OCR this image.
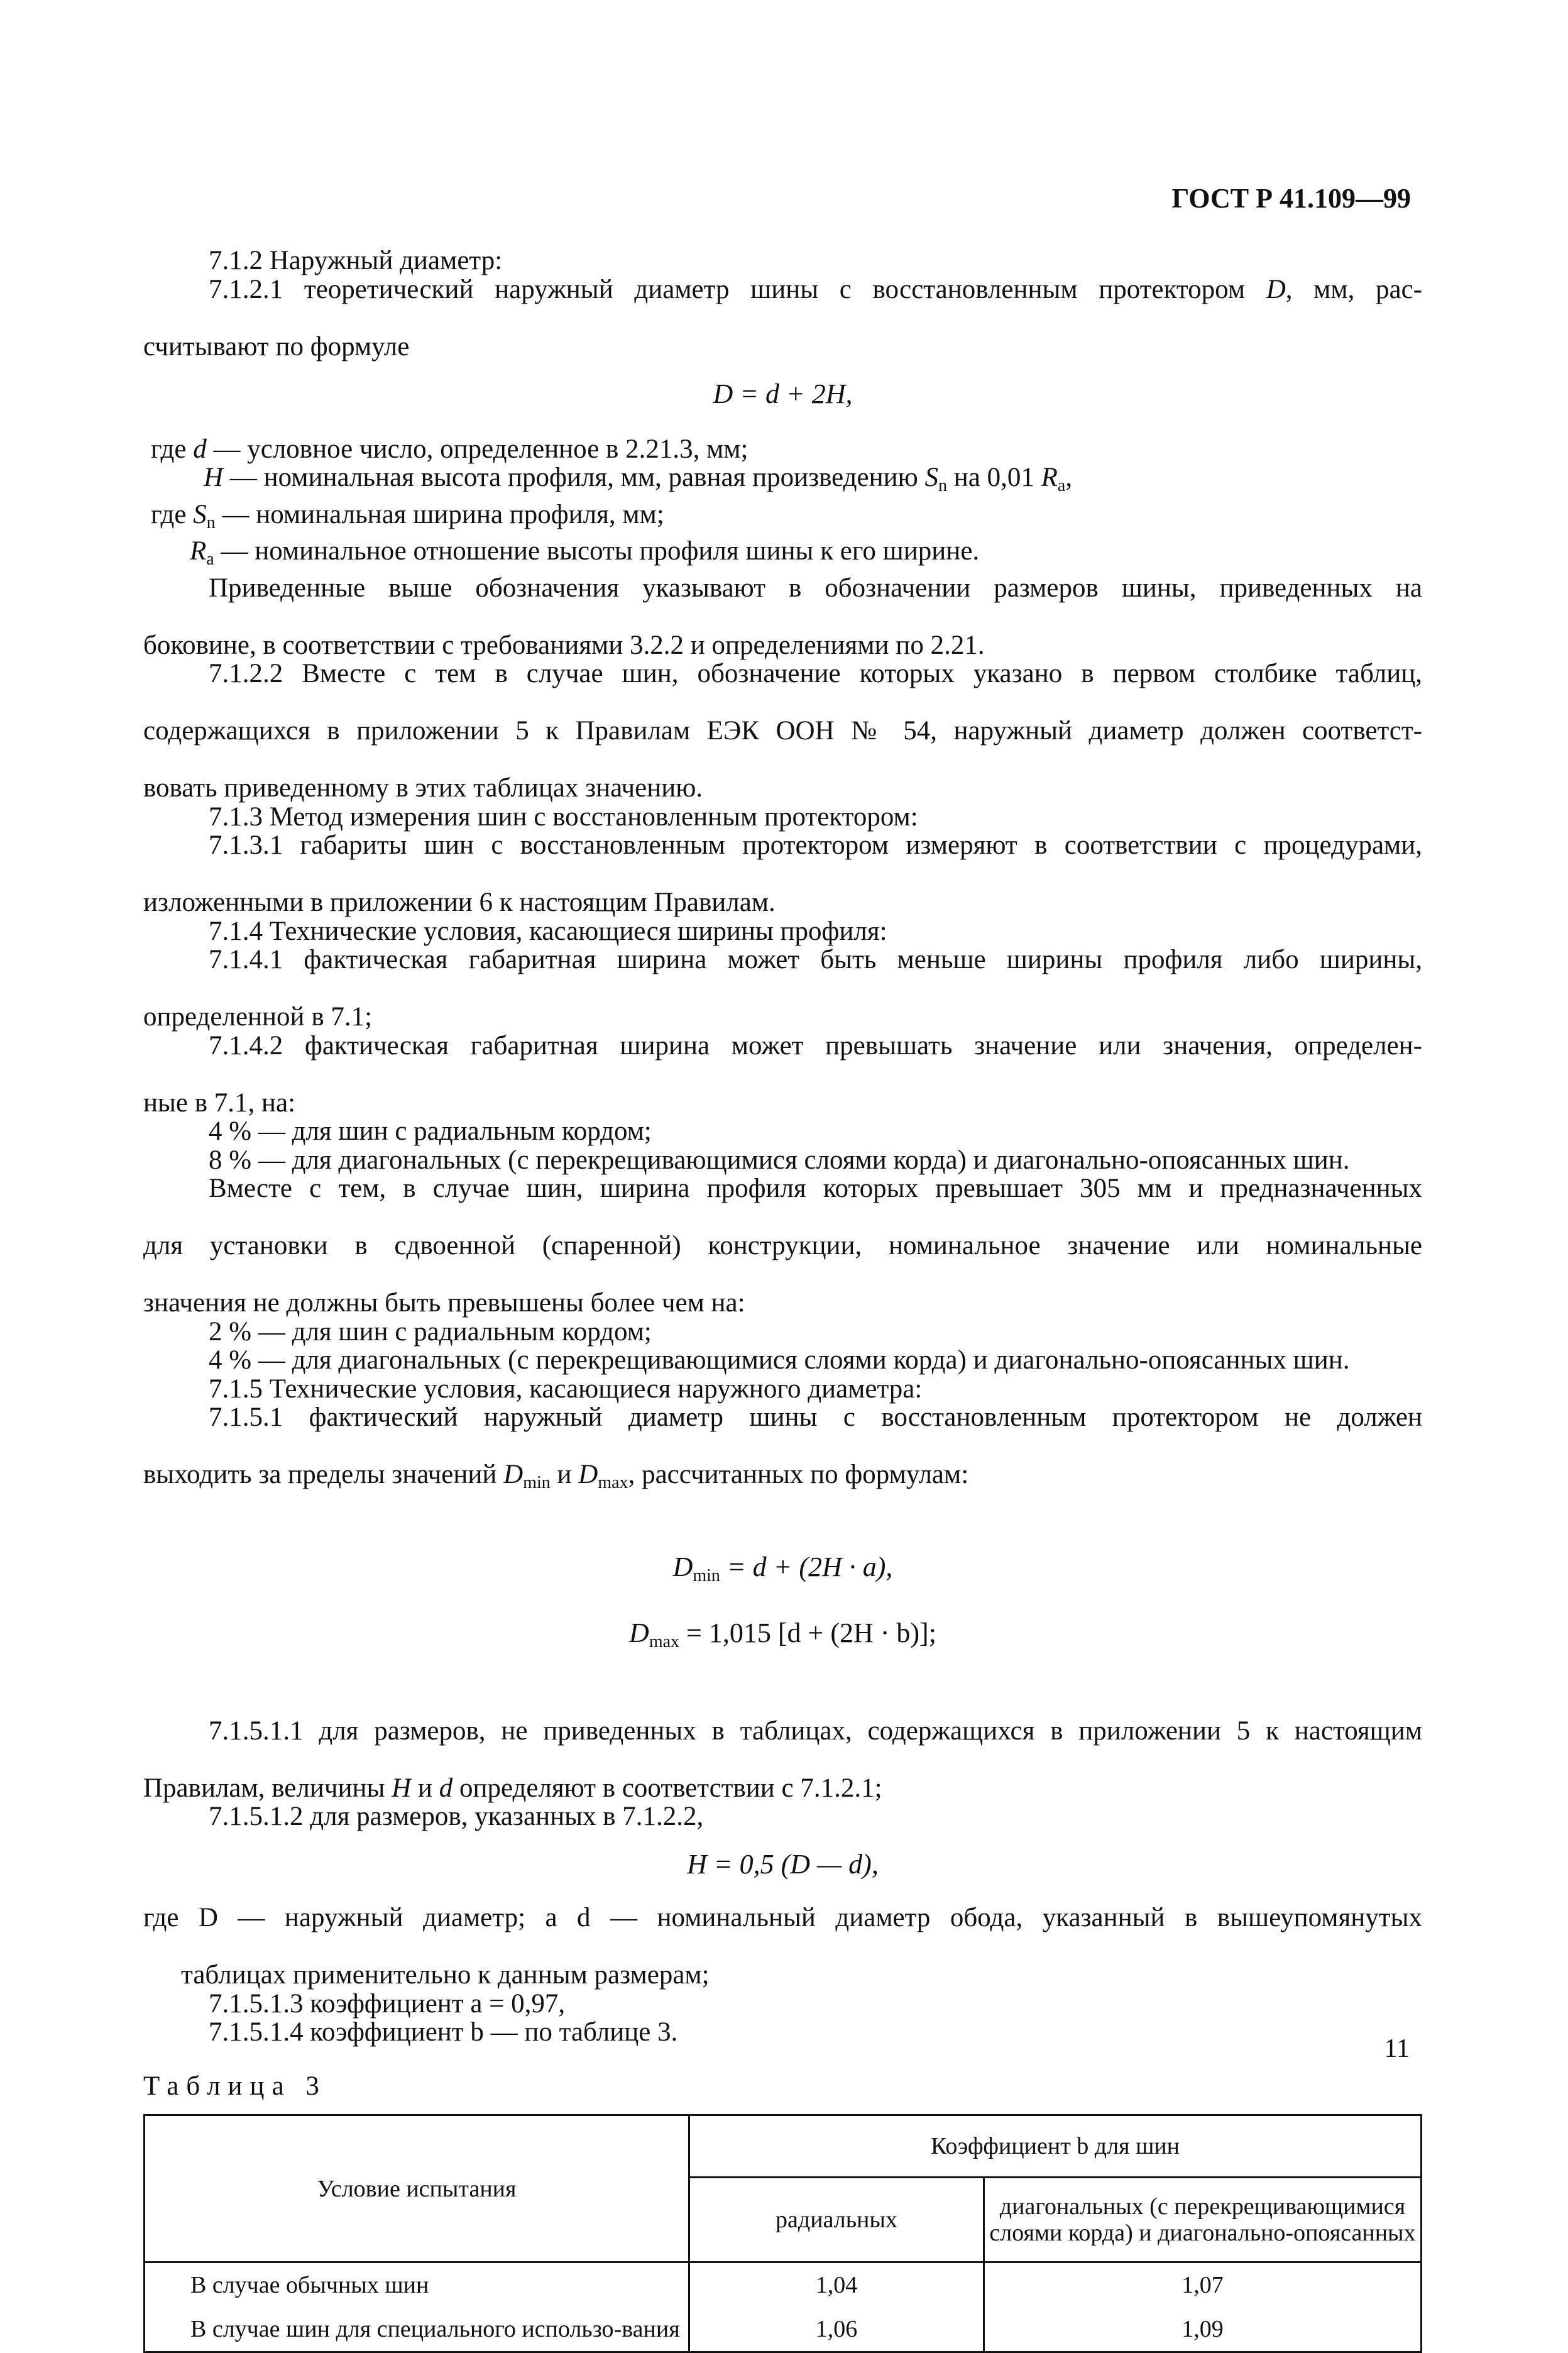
ГОСТ Р 41.109—99

7.1.2 Наружный диаметр:

7.1.2.1 теоретический наружный диаметр шины с восстановленным протектором D, мм, рас-

считывают по формуле

D = d + 2H,

где d — условное число, определенное в 2.21.3, мм;

H — номинальная высота профиля, мм, равная произведению $S_n$ на 0,01 $R_a$,

где $S_n$ — номинальная ширина профиля, мм;

$R_a$ — номинальное отношение высоты профиля шины к его ширине.

Приведенные выше обозначения указывают в обозначении размеров шины, приведенных на

боковине, в соответствии с требованиями 3.2.2 и определениями по 2.21.

7.1.2.2 Вместе с тем в случае шин, обозначение которых указано в первом столбике таблиц,

содержащихся в приложении 5 к Правилам ЕЭК ООН № 54, наружный диаметр должен соответст-

вовать приведенному в этих таблицах значению.

7.1.3 Метод измерения шин с восстановленным протектором:

7.1.3.1 габариты шин с восстановленным протектором измеряют в соответствии с процедурами,

изложенными в приложении 6 к настоящим Правилам.

7.1.4 Технические условия, касающиеся ширины профиля:

7.1.4.1 фактическая габаритная ширина может быть меньше ширины профиля либо ширины,

определенной в 7.1;

7.1.4.2 фактическая габаритная ширина может превышать значение или значения, определен-

ные в 7.1, на:

4 % — для шин с радиальным кордом;

8 % — для диагональных (с перекрещивающимися слоями корда) и диагонально-опоясанных шин.

Вместе с тем, в случае шин, ширина профиля которых превышает 305 мм и предназначенных

для установки в сдвоенной (спаренной) конструкции, номинальное значение или номинальные

значения не должны быть превышены более чем на:

2 % — для шин с радиальным кордом;

4 % — для диагональных (с перекрещивающимися слоями корда) и диагонально-опоясанных шин.

7.1.5 Технические условия, касающиеся наружного диаметра:

7.1.5.1 фактический наружный диаметр шины с восстановленным протектором не должен

выходить за пределы значений $D_{min}$ и $D_{max}$, рассчитанных по формулам:

$D_{min} = d + (2H \cdot a)$,

$D_{max} = 1,015$ [d + (2H · b)];

7.1.5.1.1 для размеров, не приведенных в таблицах, содержащихся в приложении 5 к настоящим

Правилам, величины H и d определяют в соответствии с 7.1.2.1;

7.1.5.1.2 для размеров, указанных в 7.1.2.2,

H = 0,5 (D — d),

где D — наружный диаметр; а d — номинальный диаметр обода, указанный в вышеупомянутых

таблицах применительно к данным размерам;

7.1.5.1.3 коэффициент a = 0,97,

7.1.5.1.4 коэффициент b — по таблице 3.

Таблица 3

Условие испытания	Коэффициент b для шин	
	радиальных	диагональных (с перекрещивающимися слоями корда) и диагонально-опоясанных
В случае обычных шин	1,04	1,07
В случае шин для специального использо-вания	1,06	1,09
11
